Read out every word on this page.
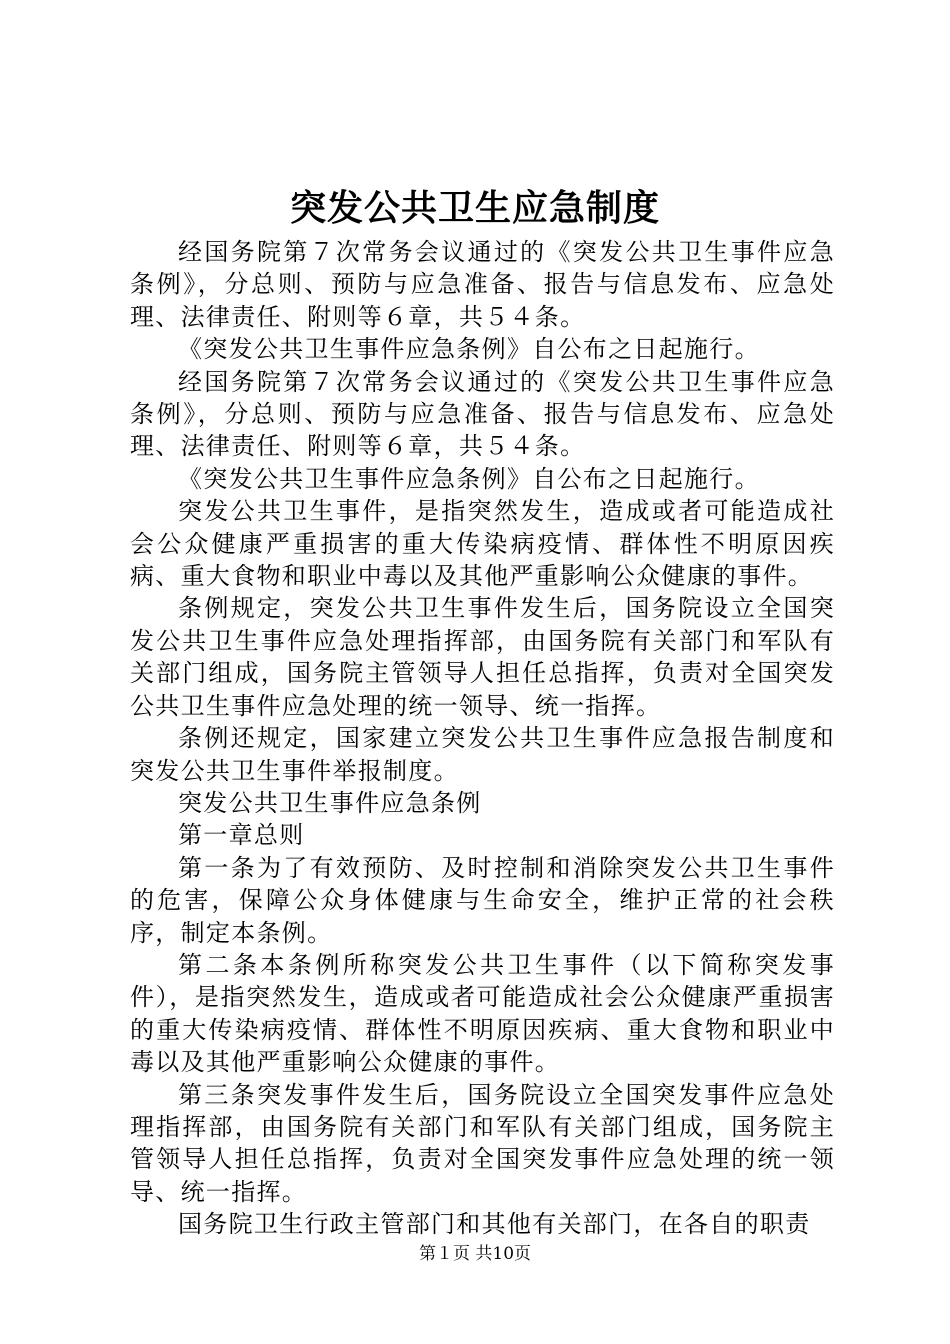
突发公共卫生应急制度

经国务院第７次常务会议通过的《突发公共卫生事件应急条例》，分总则、预防与应急准备、报告与信息发布、应急处理、法律责任、附则等６章，共５４条。

《突发公共卫生事件应急条例》自公布之日起施行。

经国务院第７次常务会议通过的《突发公共卫生事件应急条例》，分总则、预防与应急准备、报告与信息发布、应急处理、法律责任、附则等６章，共５４条。

《突发公共卫生事件应急条例》自公布之日起施行。

突发公共卫生事件，是指突然发生，造成或者可能造成社会公众健康严重损害的重大传染病疫情、群体性不明原因疾病、重大食物和职业中毒以及其他严重影响公众健康的事件。

条例规定，突发公共卫生事件发生后，国务院设立全国突发公共卫生事件应急处理指挥部，由国务院有关部门和军队有关部门组成，国务院主管领导人担任总指挥，负责对全国突发公共卫生事件应急处理的统一领导、统一指挥。

条例还规定，国家建立突发公共卫生事件应急报告制度和突发公共卫生事件举报制度。

突发公共卫生事件应急条例

第一章总则

第一条为了有效预防、及时控制和消除突发公共卫生事件的危害，保障公众身体健康与生命安全，维护正常的社会秩序，制定本条例。

第二条本条例所称突发公共卫生事件（以下简称突发事件），是指突然发生，造成或者可能造成社会公众健康严重损害的重大传染病疫情、群体性不明原因疾病、重大食物和职业中毒以及其他严重影响公众健康的事件。

第三条突发事件发生后，国务院设立全国突发事件应急处理指挥部，由国务院有关部门和军队有关部门组成，国务院主管领导人担任总指挥，负责对全国突发事件应急处理的统一领导、统一指挥。

国务院卫生行政主管部门和其他有关部门，在各自的职责

第１页 共10页
